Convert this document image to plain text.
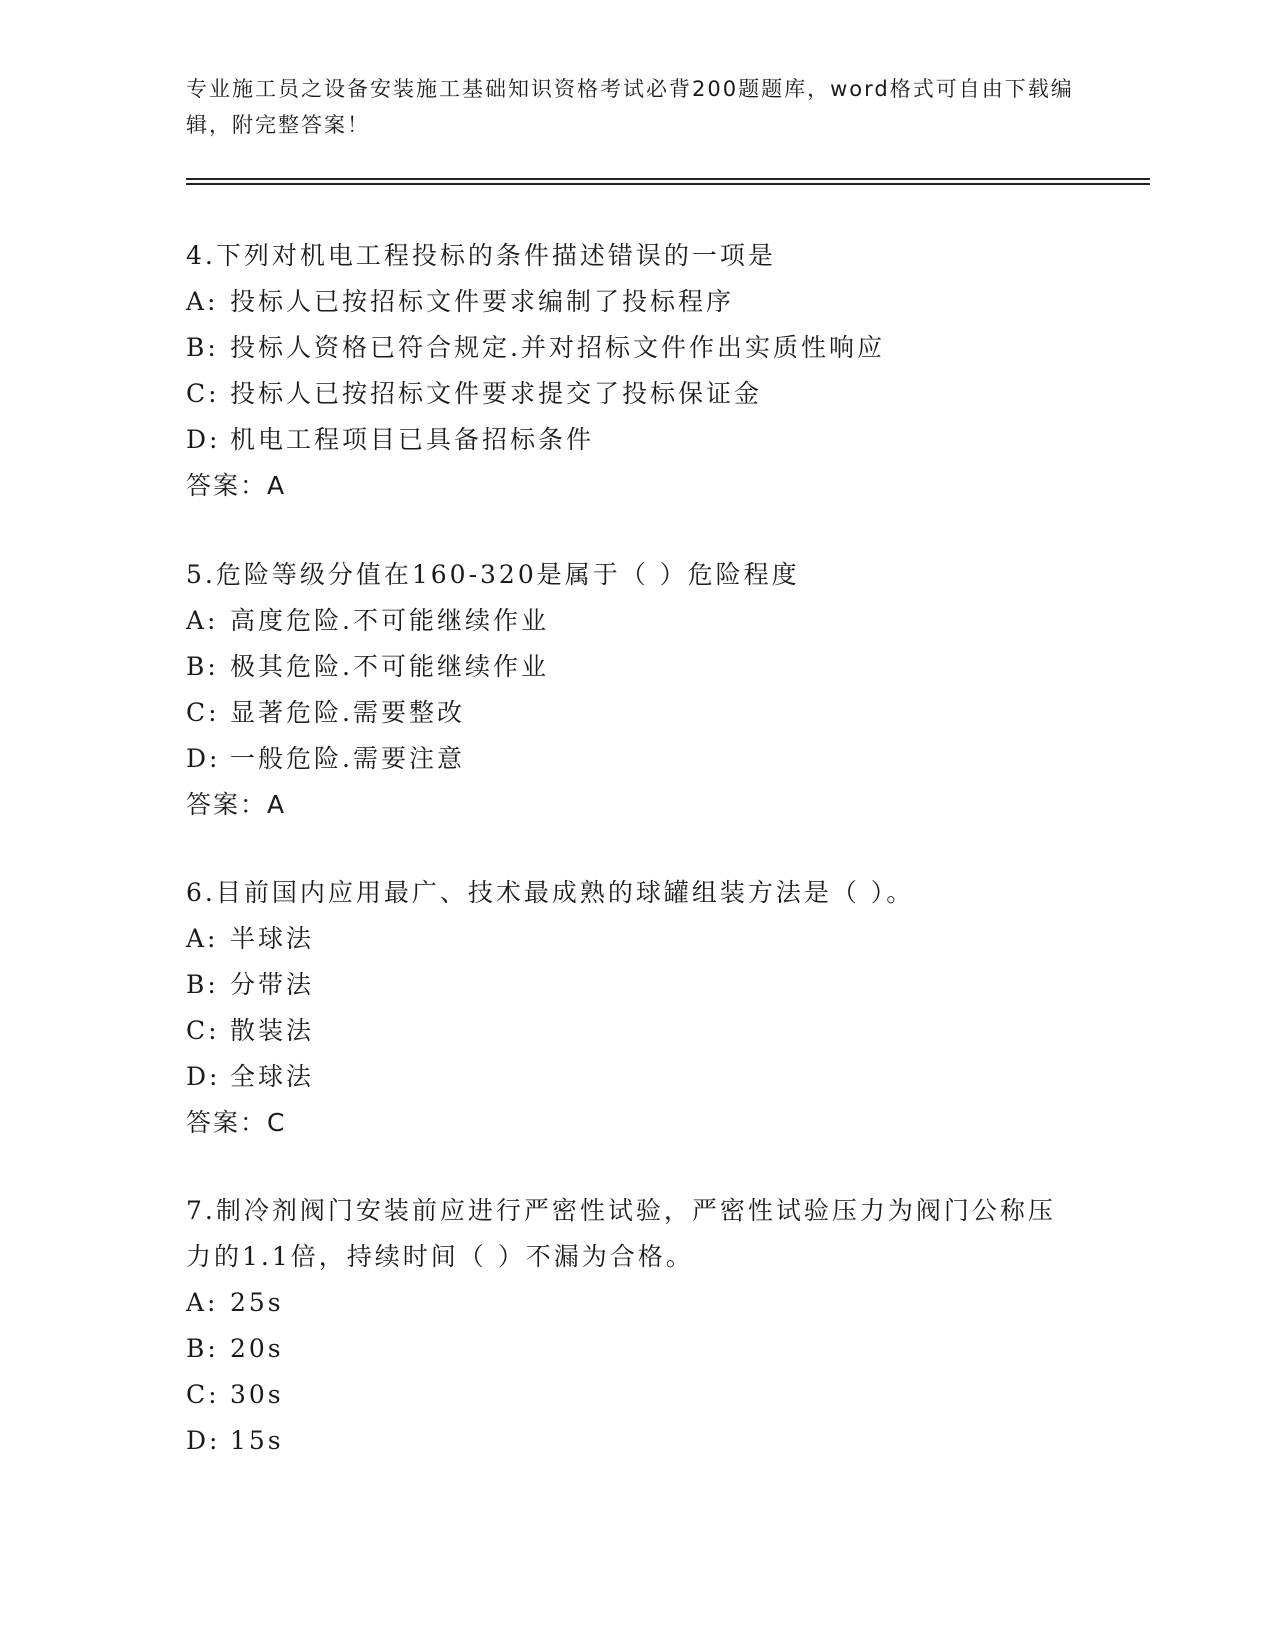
专业施工员之设备安装施工基础知识资格考试必背200题题库，word格式可自由下载编辑，附完整答案！

4.下列对机电工程投标的条件描述错误的一项是

A: 投标人已按招标文件要求编制了投标程序

B: 投标人资格已符合规定.并对招标文件作出实质性响应

C: 投标人已按招标文件要求提交了投标保证金

D: 机电工程项目已具备招标条件

答案：A

5.危险等级分值在160-320是属于（ ）危险程度

A: 高度危险.不可能继续作业

B: 极其危险.不可能继续作业

C: 显著危险.需要整改

D: 一般危险.需要注意

答案：A

6.目前国内应用最广、技术最成熟的球罐组装方法是（ ）。

A: 半球法

B: 分带法

C: 散装法

D: 全球法

答案：C

7.制冷剂阀门安装前应进行严密性试验，严密性试验压力为阀门公称压力的1.1倍，持续时间（ ）不漏为合格。

A: 25s

B: 20s

C: 30s

D: 15s
